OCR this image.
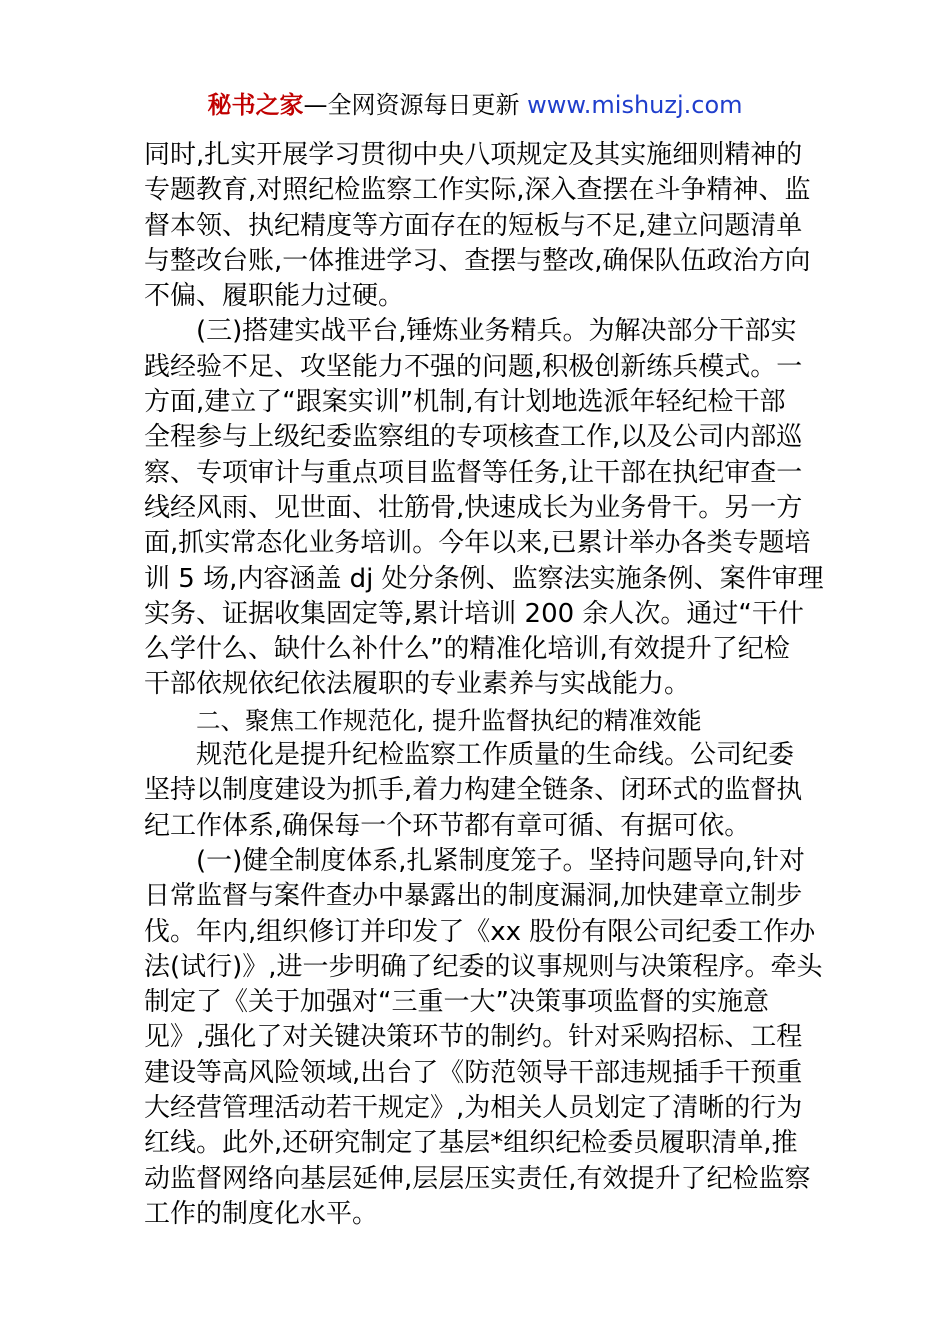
秘书之家—全网资源每日更新 www.mishuzj.com

同时,扎实开展学习贯彻中央八项规定及其实施细则精神的

专题教育,对照纪检监察工作实际,深入查摆在斗争精神、监

督本领、执纪精度等方面存在的短板与不足,建立问题清单

与整改台账,一体推进学习、查摆与整改,确保队伍政治方向

不偏、履职能力过硬。

(三)搭建实战平台,锤炼业务精兵。为解决部分干部实

践经验不足、攻坚能力不强的问题,积极创新练兵模式。一

方面,建立了“跟案实训”机制,有计划地选派年轻纪检干部

全程参与上级纪委监察组的专项核查工作,以及公司内部巡

察、专项审计与重点项目监督等任务,让干部在执纪审查一

线经风雨、见世面、壮筋骨,快速成长为业务骨干。另一方

面,抓实常态化业务培训。今年以来,已累计举办各类专题培

训 5 场,内容涵盖 dj 处分条例、监察法实施条例、案件审理

实务、证据收集固定等,累计培训 200 余人次。通过“干什

么学什么、缺什么补什么”的精准化培训,有效提升了纪检

干部依规依纪依法履职的专业素养与实战能力。

二、聚焦工作规范化, 提升监督执纪的精准效能

规范化是提升纪检监察工作质量的生命线。公司纪委

坚持以制度建设为抓手,着力构建全链条、闭环式的监督执

纪工作体系,确保每一个环节都有章可循、有据可依。

(一)健全制度体系,扎紧制度笼子。坚持问题导向,针对

日常监督与案件查办中暴露出的制度漏洞,加快建章立制步

伐。年内,组织修订并印发了《xx 股份有限公司纪委工作办

法(试行)》,进一步明确了纪委的议事规则与决策程序。牵头

制定了《关于加强对“三重一大”决策事项监督的实施意

见》,强化了对关键决策环节的制约。针对采购招标、工程

建设等高风险领域,出台了《防范领导干部违规插手干预重

大经营管理活动若干规定》,为相关人员划定了清晰的行为

红线。此外,还研究制定了基层*组织纪检委员履职清单,推

动监督网络向基层延伸,层层压实责任,有效提升了纪检监察

工作的制度化水平。
